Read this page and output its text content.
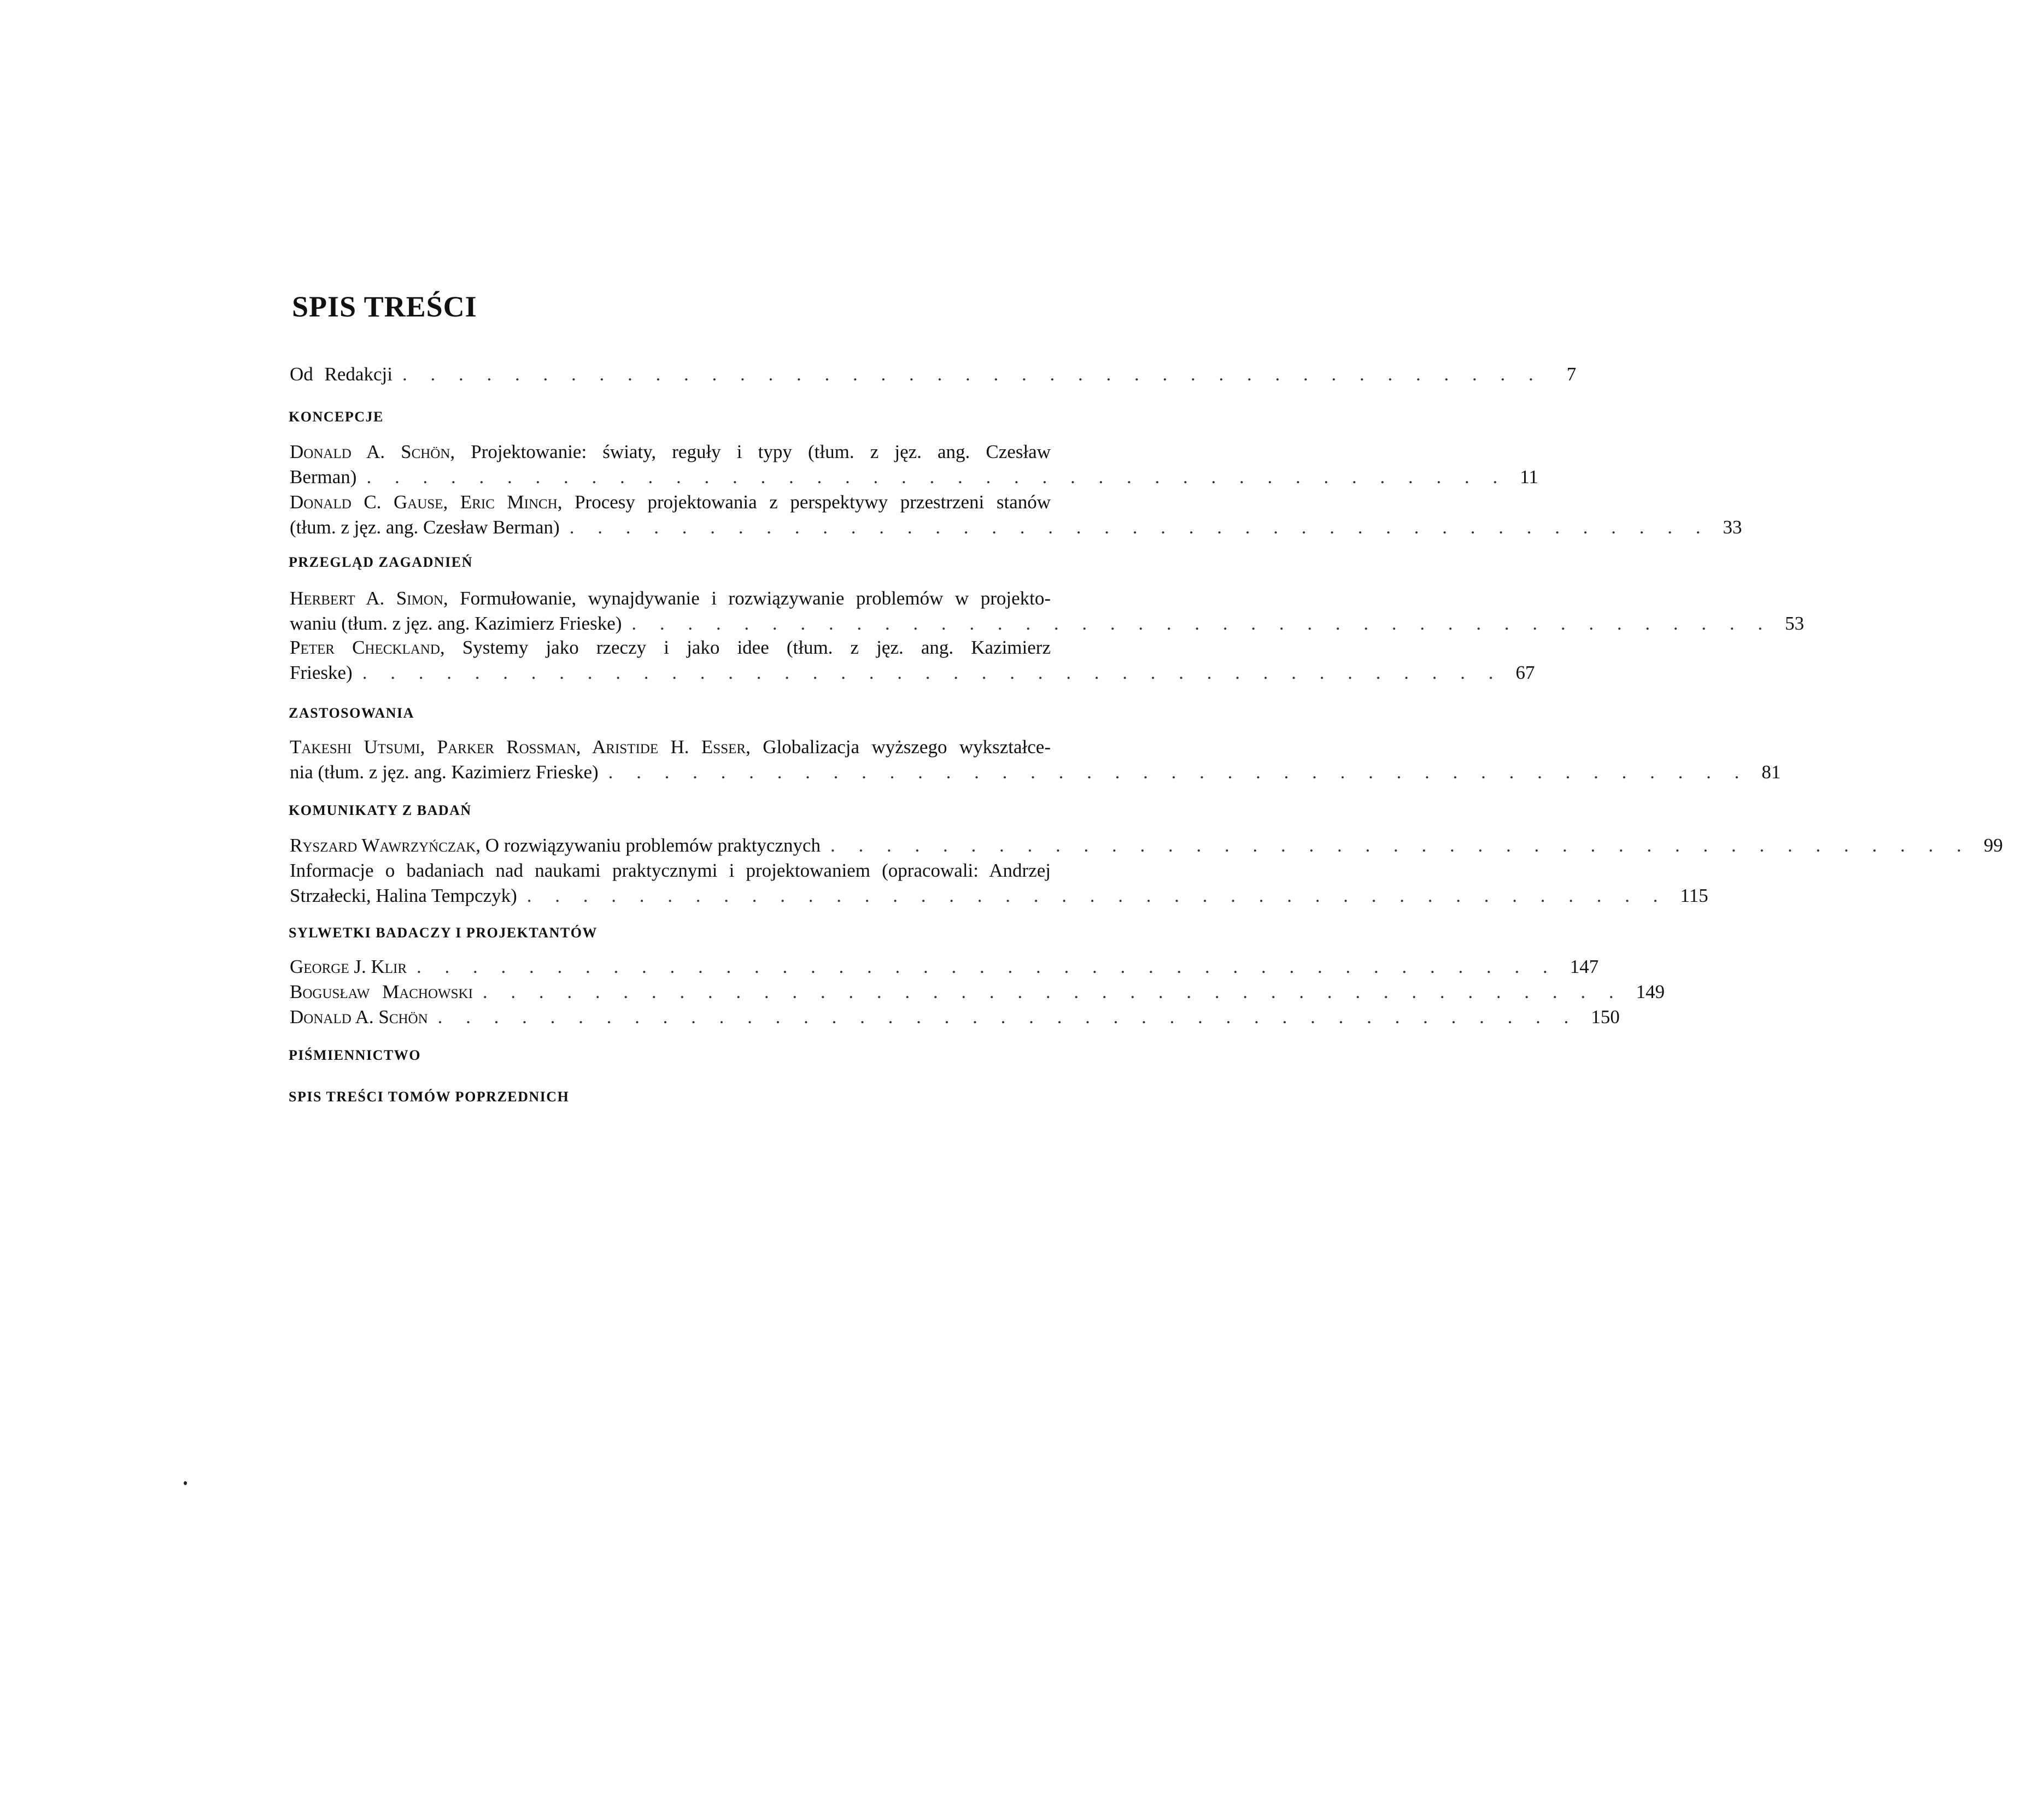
SPIS TREŚCI
Od Redakcji . . . . . . . . . . . . . . . . . . . . . . . . . . . . . . . . . . . . . . . . .	7
KONCEPCJE
Donald A. Schön, Projektowanie: światy, reguły i typy (tłum. z jęz. ang. Czesław
Berman) . . . . . . . . . . . . . . . . . . . . . . . . . . . . . . . . . . . . . . . . . 11
Donald C. Gause, Eric Minch, Procesy projektowania z perspektywy przestrzeni stanów
(tłum. z jęz. ang. Czesław Berman) . . . . . . . . . . . . . . . . . . . . . . . . . . . . . . . . . . . . . . . . . 33
PRZEGLĄD ZAGADNIEŃ
Herbert A. Simon, Formułowanie, wynajdywanie i rozwiązywanie problemów w projekto-
waniu (tłum. z jęz. ang. Kazimierz Frieske) . . . . . . . . . . . . . . . . . . . . . . . . . . . . . . . . . . . . . . . . . 53
Peter Checkland, Systemy jako rzeczy i jako idee (tłum. z jęz. ang. Kazimierz
Frieske) . . . . . . . . . . . . . . . . . . . . . . . . . . . . . . . . . . . . . . . . . 67
ZASTOSOWANIA
Takeshi Utsumi, Parker Rossman, Aristide H. Esser, Globalizacja wyższego wykształce-
nia (tłum. z jęz. ang. Kazimierz Frieske) . . . . . . . . . . . . . . . . . . . . . . . . . . . . . . . . . . . . . . . . . 81
KOMUNIKATY Z BADAŃ
Ryszard Wawrzyńczak, O rozwiązywaniu problemów praktycznych . . . . . . . . . . . . . . . . . . . . . . . . . . . . . . . . . . . . . . . . . 99
Informacje o badaniach nad naukami praktycznymi i projektowaniem (opracowali: Andrzej
Strzałecki, Halina Tempczyk) . . . . . . . . . . . . . . . . . . . . . . . . . . . . . . . . . . . . . . . . . 115
SYLWETKI BADACZY I PROJEKTANTÓW
George J. Klir . . . . . . . . . . . . . . . . . . . . . . . . . . . . . . . . . . . . . . . . . 147
Bogusław Machowski . . . . . . . . . . . . . . . . . . . . . . . . . . . . . . . . . . . . . . . . . 149
Donald A. Schön . . . . . . . . . . . . . . . . . . . . . . . . . . . . . . . . . . . . . . . . . 150
PIŚMIENNICTWO
SPIS TREŚCI TOMÓW POPRZEDNICH
